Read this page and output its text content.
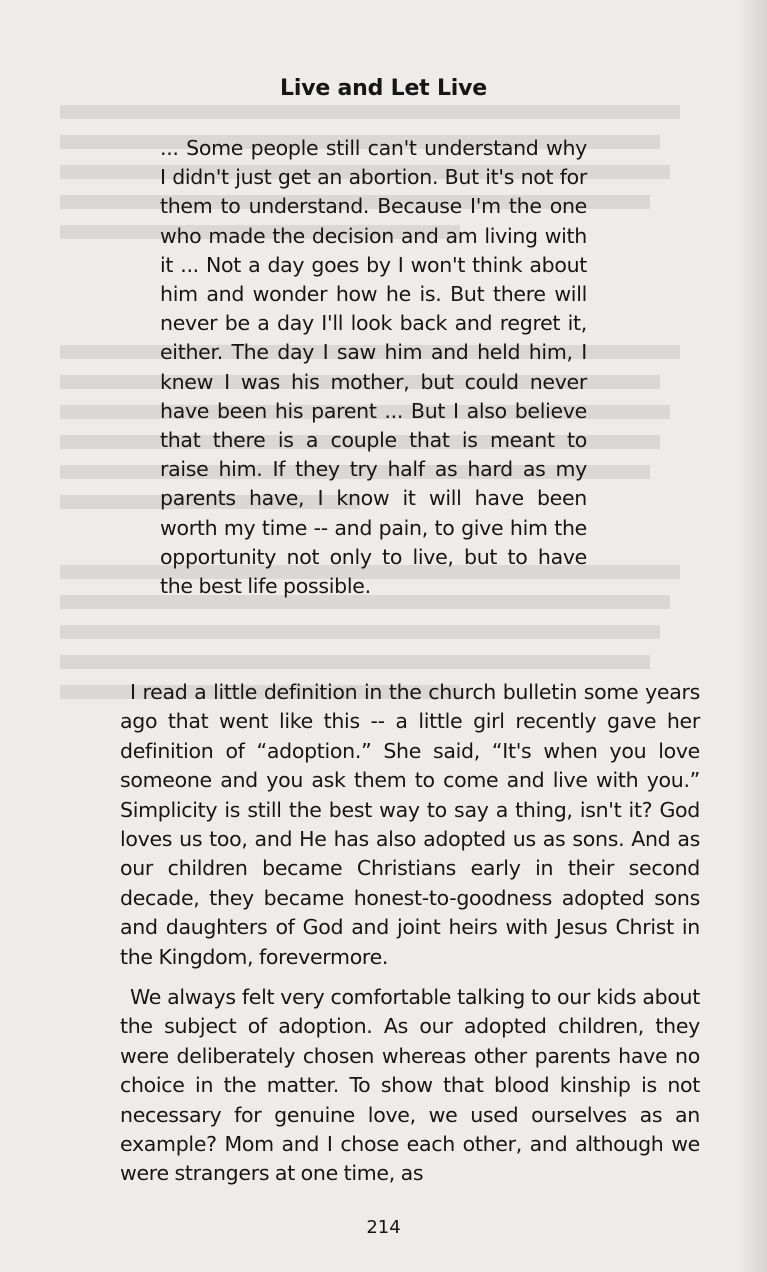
Live and Let Live
... Some people still can't understand why I didn't just get an abortion. But it's not for them to understand. Because I'm the one who made the decision and am living with it ... Not a day goes by I won't think about him and wonder how he is. But there will never be a day I'll look back and regret it, either. The day I saw him and held him, I knew I was his mother, but could never have been his parent ... But I also believe that there is a couple that is meant to raise him. If they try half as hard as my parents have, I know it will have been worth my time -- and pain, to give him the opportunity not only to live, but to have the best life possible.
I read a little definition in the church bulletin some years ago that went like this -- a little girl recently gave her definition of “adoption.” She said, “It's when you love someone and you ask them to come and live with you.” Simplicity is still the best way to say a thing, isn't it? God loves us too, and He has also adopted us as sons. And as our children became Christians early in their second decade, they became honest-to-goodness adopted sons and daughters of God and joint heirs with Jesus Christ in the Kingdom, forevermore.
We always felt very comfortable talking to our kids about the subject of adoption. As our adopted children, they were deliberately chosen whereas other parents have no choice in the matter. To show that blood kinship is not necessary for genuine love, we used ourselves as an example? Mom and I chose each other, and although we were strangers at one time, as
214
